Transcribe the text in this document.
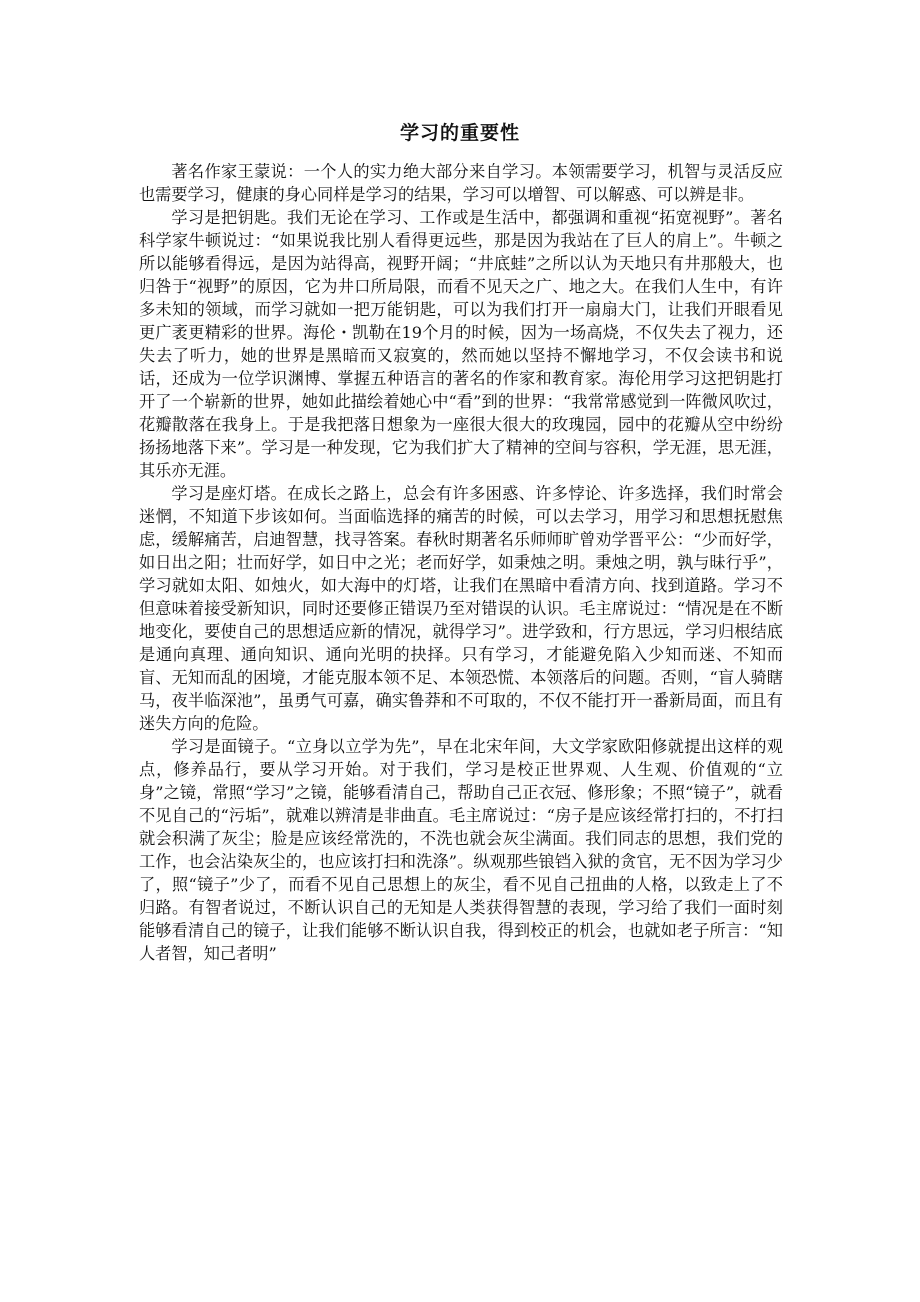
学习的重要性

著名作家王蒙说：一个人的实力绝大部分来自学习。本领需要学习，机智与灵活反应也需要学习，健康的身心同样是学习的结果，学习可以增智、可以解惑、可以辨是非。

学习是把钥匙。我们无论在学习、工作或是生活中，都强调和重视“拓宽视野”。著名科学家牛顿说过：“如果说我比别人看得更远些，那是因为我站在了巨人的肩上”。牛顿之所以能够看得远，是因为站得高，视野开阔；“井底蛙”之所以认为天地只有井那般大，也归咎于“视野”的原因，它为井口所局限，而看不见天之广、地之大。在我们人生中，有许多未知的领域，而学习就如一把万能钥匙，可以为我们打开一扇扇大门，让我们开眼看见更广袤更精彩的世界。海伦・凯勒在19个月的时候，因为一场高烧，不仅失去了视力，还失去了听力，她的世界是黑暗而又寂寞的，然而她以坚持不懈地学习，不仅会读书和说话，还成为一位学识渊博、掌握五种语言的著名的作家和教育家。海伦用学习这把钥匙打开了一个崭新的世界，她如此描绘着她心中“看”到的世界：“我常常感觉到一阵微风吹过，花瓣散落在我身上。于是我把落日想象为一座很大很大的玫瑰园，园中的花瓣从空中纷纷扬扬地落下来”。学习是一种发现，它为我们扩大了精神的空间与容积，学无涯，思无涯，其乐亦无涯。

学习是座灯塔。在成长之路上，总会有许多困惑、许多悖论、许多选择，我们时常会迷惘，不知道下步该如何。当面临选择的痛苦的时候，可以去学习，用学习和思想抚慰焦虑，缓解痛苦，启迪智慧，找寻答案。春秋时期著名乐师师旷曾劝学晋平公：“少而好学，如日出之阳；壮而好学，如日中之光；老而好学，如秉烛之明。秉烛之明，孰与昧行乎”，学习就如太阳、如烛火，如大海中的灯塔，让我们在黑暗中看清方向、找到道路。学习不但意味着接受新知识，同时还要修正错误乃至对错误的认识。毛主席说过：“情况是在不断地变化，要使自己的思想适应新的情况，就得学习”。进学致和，行方思远，学习归根结底是通向真理、通向知识、通向光明的抉择。只有学习，才能避免陷入少知而迷、不知而盲、无知而乱的困境，才能克服本领不足、本领恐慌、本领落后的问题。否则，“盲人骑瞎马，夜半临深池”，虽勇气可嘉，确实鲁莽和不可取的，不仅不能打开一番新局面，而且有迷失方向的危险。

学习是面镜子。“立身以立学为先”，早在北宋年间，大文学家欧阳修就提出这样的观点，修养品行，要从学习开始。对于我们，学习是校正世界观、人生观、价值观的“立身”之镜，常照“学习”之镜，能够看清自己，帮助自己正衣冠、修形象；不照“镜子”，就看不见自己的“污垢”，就难以辨清是非曲直。毛主席说过：“房子是应该经常打扫的，不打扫就会积满了灰尘；脸是应该经常洗的，不洗也就会灰尘满面。我们同志的思想，我们党的工作，也会沾染灰尘的，也应该打扫和洗涤”。纵观那些锒铛入狱的贪官，无不因为学习少了，照“镜子”少了，而看不见自己思想上的灰尘，看不见自己扭曲的人格，以致走上了不归路。有智者说过，不断认识自己的无知是人类获得智慧的表现，学习给了我们一面时刻能够看清自己的镜子，让我们能够不断认识自我，得到校正的机会，也就如老子所言：“知人者智，知己者明”
